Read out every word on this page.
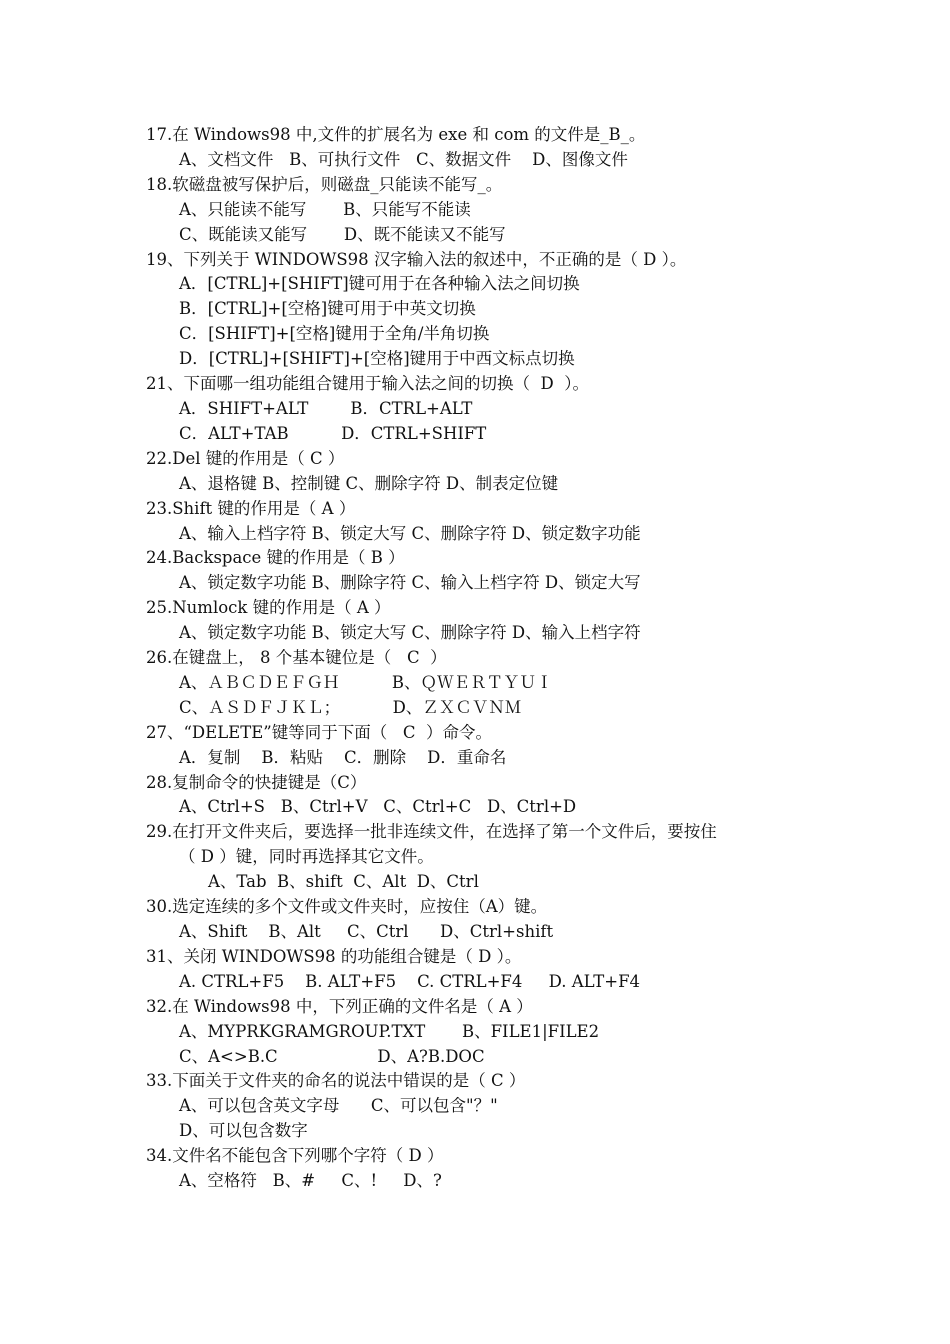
17.在 Windows98 中,文件的扩展名为 exe 和 com 的文件是_B_。

A、文档文件   B、可执行文件   C、数据文件    D、图像文件

18.软磁盘被写保护后，则磁盘_只能读不能写_。

A、只能读不能写       B、只能写不能读

C、既能读又能写       D、既不能读又不能写

19、下列关于 WINDOWS98 汉字输入法的叙述中，不正确的是（ D ）。

A．[CTRL]+[SHIFT]键可用于在各种输入法之间切换

B．[CTRL]+[空格]键可用于中英文切换

C．[SHIFT]+[空格]键用于全角/半角切换

D．[CTRL]+[SHIFT]+[空格]键用于中西文标点切换

21、下面哪一组功能组合键用于输入法之间的切换（  D  ）。

A．SHIFT+ALT        B．CTRL+ALT

C．ALT+TAB          D．CTRL+SHIFT

22.Del 键的作用是（ C ）

A、退格键 B、控制键 C、删除字符 D、制表定位键

23.Shift 键的作用是（ A ）

A、输入上档字符 B、锁定大写 C、删除字符 D、锁定数字功能

24.Backspace 键的作用是（ B ）

A、锁定数字功能 B、删除字符 C、输入上档字符 D、锁定大写

25.Numlock 键的作用是（ A ）

A、锁定数字功能 B、锁定大写 C、删除字符 D、输入上档字符

26.在键盘上， 8 个基本键位是（   C  ）

A、ＡＢＣＤＥＦＧＨ          B、ＱＷＥＲＴＹＵＩ

C、ＡＳＤＦＪＫＬ；          D、ＺＸＣＶＮＭ

27、“DELETE”键等同于下面（   C  ）命令。

A．复制    B．粘贴    C．删除    D．重命名

28.复制命令的快捷键是（C）

A、Ctrl+S   B、Ctrl+V   C、Ctrl+C   D、Ctrl+D

29.在打开文件夹后，要选择一批非连续文件，在选择了第一个文件后，要按住

（ D ）键，同时再选择其它文件。

A、Tab  B、shift  C、Alt  D、Ctrl

30.选定连续的多个文件或文件夹时，应按住（A）键。

A、Shift    B、Alt     C、Ctrl      D、Ctrl+shift

31、关闭 WINDOWS98 的功能组合键是（ D ）。

A. CTRL+F5    B. ALT+F5    C. CTRL+F4     D. ALT+F4

32.在 Windows98 中，下列正确的文件名是（ A ）

A、MYPRKGRAMGROUP.TXT       B、FILE1|FILE2

C、A<>B.C                   D、A?B.DOC

33.下面关于文件夹的命名的说法中错误的是（ C ）

A、可以包含英文字母      C、可以包含"？"

D、可以包含数字

34.文件名不能包含下列哪个字符（ D ）

A、空格符   B、#     C、!     D、?
